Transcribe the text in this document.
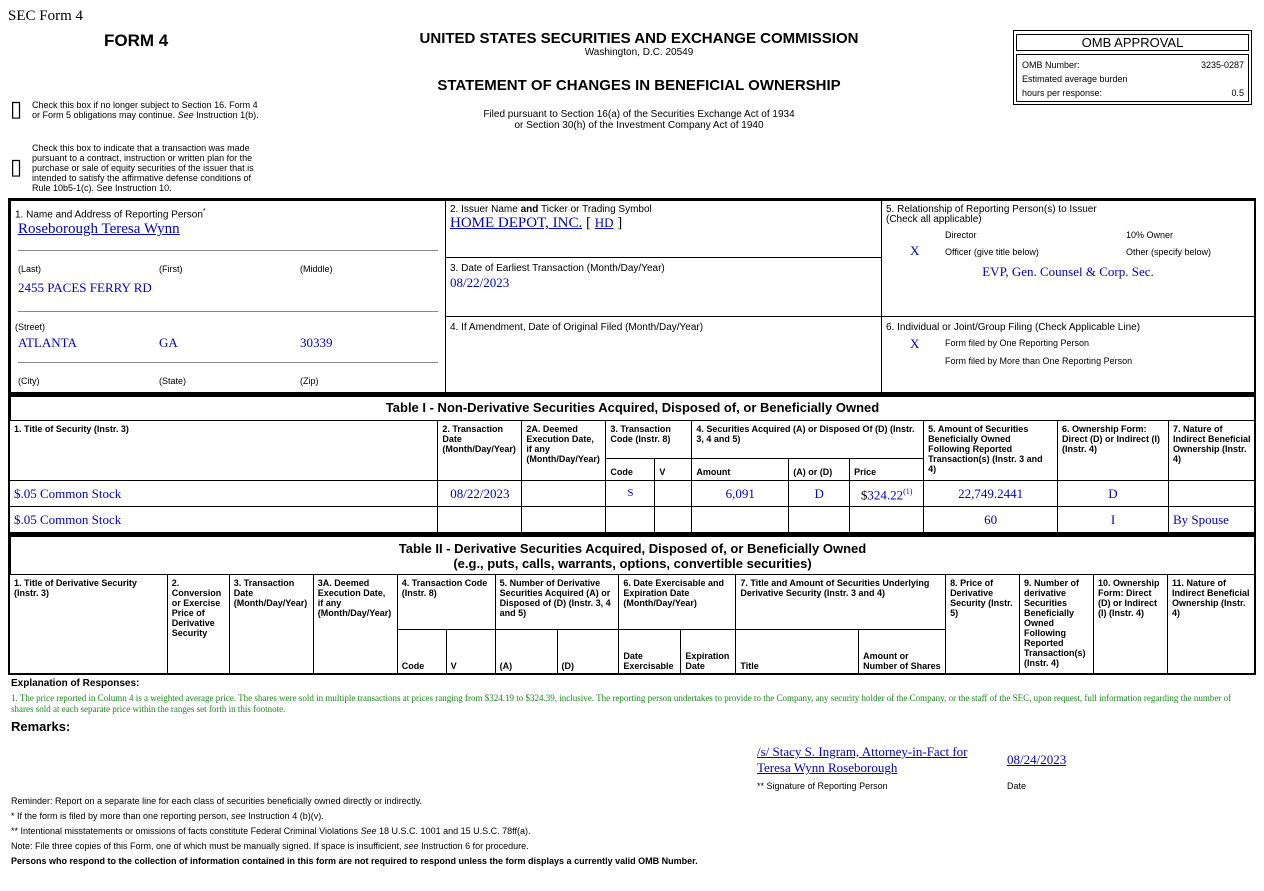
SEC Form 4
FORM 4	UNITED STATES SECURITIES AND EXCHANGE COMMISSION
Washington, D.C. 20549
STATEMENT OF CHANGES IN BENEFICIAL OWNERSHIP
Filed pursuant to Section 16(a) of the Securities Exchange Act of 1934
or Section 30(h) of the Investment Company Act of 1940
OMB APPROVAL
OMB Number:	3235-0287
Estimated average burden
hours per response:	0.5
▯ Check this box if no longer subject to Section 16. Form 4
or Form 5 obligations may continue. See Instruction 1(b).
▯
Check this box to indicate that a transaction was made
pursuant to a contract, instruction or written plan for the
purchase or sale of equity securities of the issuer that is
intended to satisfy the affirmative defense conditions of
Rule 10b5-1(c). See Instruction 10.
1. Name and Address of Reporting Person*
Roseborough Teresa Wynn
(Last)	(First)	(Middle)
2455 PACES FERRY RD
(Street)
ATLANTA	GA	30339
(City)	(State)	(Zip)
2. Issuer Name and Ticker or Trading Symbol
HOME DEPOT, INC. [ HD ]
3. Date of Earliest Transaction (Month/Day/Year)
08/22/2023
4. If Amendment, Date of Original Filed (Month/Day/Year)
5. Relationship of Reporting Person(s) to Issuer
(Check all applicable)
Director	10% Owner
X	Officer (give title below)	Other (specify below)
EVP, Gen. Counsel & Corp. Sec.
6. Individual or Joint/Group Filing (Check Applicable Line)
X	Form filed by One Reporting Person
Form filed by More than One Reporting Person
Table I - Non-Derivative Securities Acquired, Disposed of, or Beneficially Owned
1. Title of Security (Instr. 3)	2. Transaction Date (Month/Day/Year)	2A. Deemed Execution Date, if any (Month/Day/Year)	3. Transaction Code (Instr. 8)		4. Securities Acquired (A) or Disposed Of (D) (Instr. 3, 4 and 5)			5. Amount of Securities Beneficially Owned Following Reported Transaction(s) (Instr. 3 and 4)	6. Ownership Form: Direct (D) or Indirect (I) (Instr. 4)	7. Nature of Indirect Beneficial Ownership (Instr. 4)
			Code	V	Amount	(A) or (D)	Price			
$.05 Common Stock	08/22/2023		S		6,091	D	$324.22$^{(1)}$	22,749.2441	D	
$.05 Common Stock								60	I	By Spouse
Table II - Derivative Securities Acquired, Disposed of, or Beneficially Owned
(e.g., puts, calls, warrants, options, convertible securities)
1. Title of Derivative Security (Instr. 3)	2. Conversion or Exercise Price of Derivative Security	3. Transaction Date (Month/Day/Year)	3A. Deemed Execution Date, if any (Month/Day/Year)	4. Transaction Code (Instr. 8)		5. Number of Derivative Securities Acquired (A) or Disposed of (D) (Instr. 3, 4 and 5)		6. Date Exercisable and Expiration Date (Month/Day/Year)		7. Title and Amount of Securities Underlying Derivative Security (Instr. 3 and 4)		8. Price of Derivative Security (Instr. 5)	9. Number of derivative Securities Beneficially Owned Following Reported Transaction(s) (Instr. 4)	10. Ownership Form: Direct (D) or Indirect (I) (Instr. 4)	11. Nature of Indirect Beneficial Ownership (Instr. 4)
				Code	V	(A)	(D)	Date Exercisable	Expiration Date	Title	Amount or Number of Shares				
Explanation of Responses:
1. The price reported in Column 4 is a weighted average price. The shares were sold in multiple transactions at prices ranging from $324.19 to $324.39, inclusive. The reporting person undertakes to provide to the Company, any security holder of the Company, or the staff of the SEC, upon request, full information regarding the number of shares sold at each separate price within the ranges set forth in this footnote.
Remarks:
/s/ Stacy S. Ingram, Attorney-in-Fact for
Teresa Wynn Roseborough
08/24/2023
** Signature of Reporting Person	Date
Reminder: Report on a separate line for each class of securities beneficially owned directly or indirectly.
* If the form is filed by more than one reporting person, see Instruction 4 (b)(v).
** Intentional misstatements or omissions of facts constitute Federal Criminal Violations See 18 U.S.C. 1001 and 15 U.S.C. 78ff(a).
Note: File three copies of this Form, one of which must be manually signed. If space is insufficient, see Instruction 6 for procedure.
Persons who respond to the collection of information contained in this form are not required to respond unless the form displays a currently valid OMB Number.
